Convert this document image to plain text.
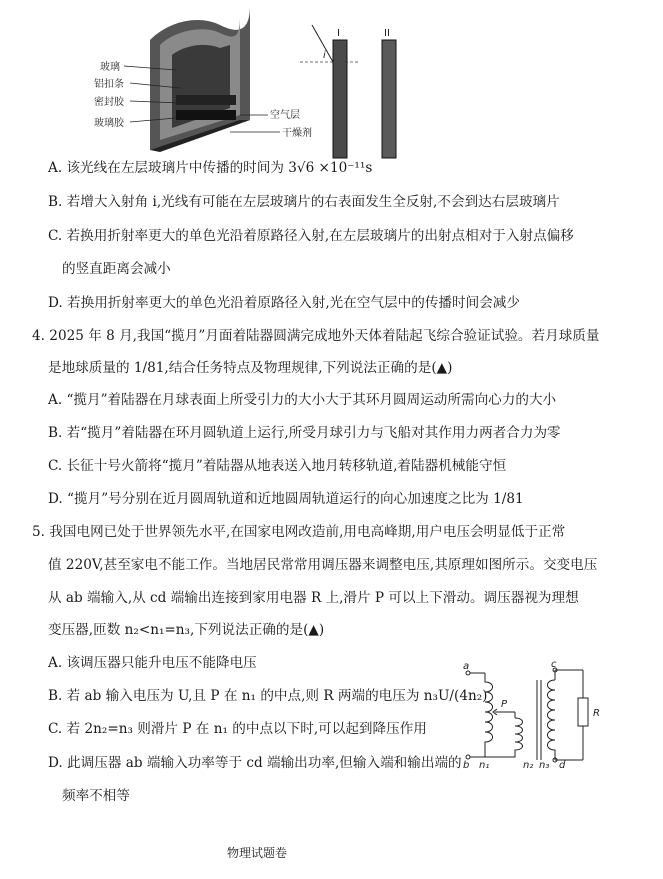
玻璃
铝扣条
密封胶
玻璃胶
空气层
干燥剂
i
I	II
A. 该光线在左层玻璃片中传播的时间为 3√6 ×10⁻¹¹s
B. 若增大入射角 i,光线有可能在左层玻璃片的右表面发生全反射,不会到达右层玻璃片
C. 若换用折射率更大的单色光沿着原路径入射,在左层玻璃片的出射点相对于入射点偏移
的竖直距离会减小
D. 若换用折射率更大的单色光沿着原路径入射,光在空气层中的传播时间会减少
4. 2025 年 8 月,我国“揽月”月面着陆器圆满完成地外天体着陆起飞综合验证试验。若月球质量
是地球质量的 1/81,结合任务特点及物理规律,下列说法正确的是(▲)
A. “揽月”着陆器在月球表面上所受引力的大小大于其环月圆周运动所需向心力的大小
B. 若“揽月”着陆器在环月圆轨道上运行,所受月球引力与飞船对其作用力两者合力为零
C. 长征十号火箭将“揽月”着陆器从地表送入地月转移轨道,着陆器机械能守恒
D. “揽月”号分别在近月圆周轨道和近地圆周轨道运行的向心加速度之比为 1/81
5. 我国电网已处于世界领先水平,在国家电网改造前,用电高峰期,用户电压会明显低于正常
值 220V,甚至家电不能工作。当地居民常常用调压器来调整电压,其原理如图所示。交变电压
从 ab 端输入,从 cd 端输出连接到家用电器 R 上,滑片 P 可以上下滑动。调压器视为理想
变压器,匝数 n₂<n₁=n₃,下列说法正确的是(▲)
A. 该调压器只能升电压不能降电压
B. 若 ab 输入电压为 U,且 P 在 n₁ 的中点,则 R 两端的电压为 n₃U/(4n₂)
C. 若 2n₂=n₃ 则滑片 P 在 n₁ 的中点以下时,可以起到降压作用
D. 此调压器 ab 端输入功率等于 cd 端输出功率,但输入端和输出端的
频率不相等
a
b
c
d
P
R
n₁	n₂ n₃
物理试题卷
